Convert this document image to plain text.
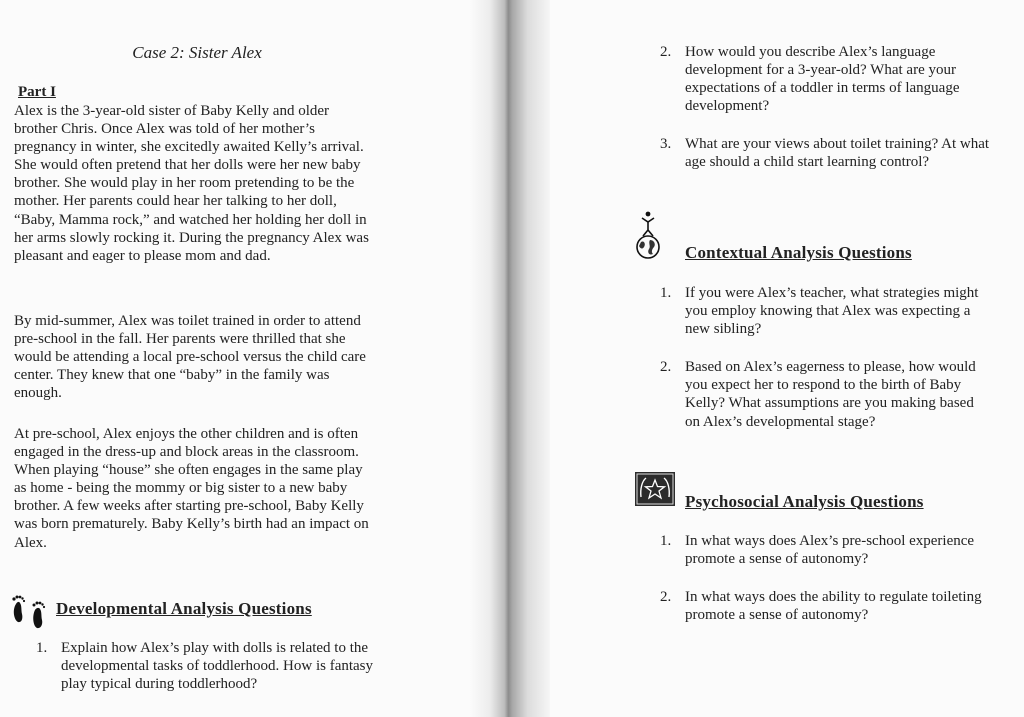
Case 2: Sister Alex
Part I

Alex is the 3-year-old sister of Baby Kelly and older brother Chris. Once Alex was told of her mother’s pregnancy in winter, she excitedly awaited Kelly’s arrival. She would often pretend that her dolls were her new baby brother. She would play in her room pretending to be the mother. Her parents could hear her talking to her doll, “Baby, Mamma rock,” and watched her holding her doll in her arms slowly rocking it. During the pregnancy Alex was pleasant and eager to please mom and dad.

By mid-summer, Alex was toilet trained in order to attend pre-school in the fall. Her parents were thrilled that she would be attending a local pre-school versus the child care center. They knew that one “baby” in the family was enough.

At pre-school, Alex enjoys the other children and is often engaged in the dress-up and block areas in the classroom. When playing “house” she often engages in the same play as home - being the mommy or big sister to a new baby brother. A few weeks after starting pre-school, Baby Kelly was born prematurely. Baby Kelly’s birth had an impact on Alex.

Developmental Analysis Questions
1. Explain how Alex’s play with dolls is related to the developmental tasks of toddlerhood. How is fantasy play typical during toddlerhood?
2. How would you describe Alex’s language development for a 3-year-old? What are your expectations of a toddler in terms of language development?
3. What are your views about toilet training? At what age should a child start learning control?
Contextual Analysis Questions
1. If you were Alex’s teacher, what strategies might you employ knowing that Alex was expecting a new sibling?
2. Based on Alex’s eagerness to please, how would you expect her to respond to the birth of Baby Kelly? What assumptions are you making based on Alex’s developmental stage?
Psychosocial Analysis Questions
1. In what ways does Alex’s pre-school experience promote a sense of autonomy?
2. In what ways does the ability to regulate toileting promote a sense of autonomy?
